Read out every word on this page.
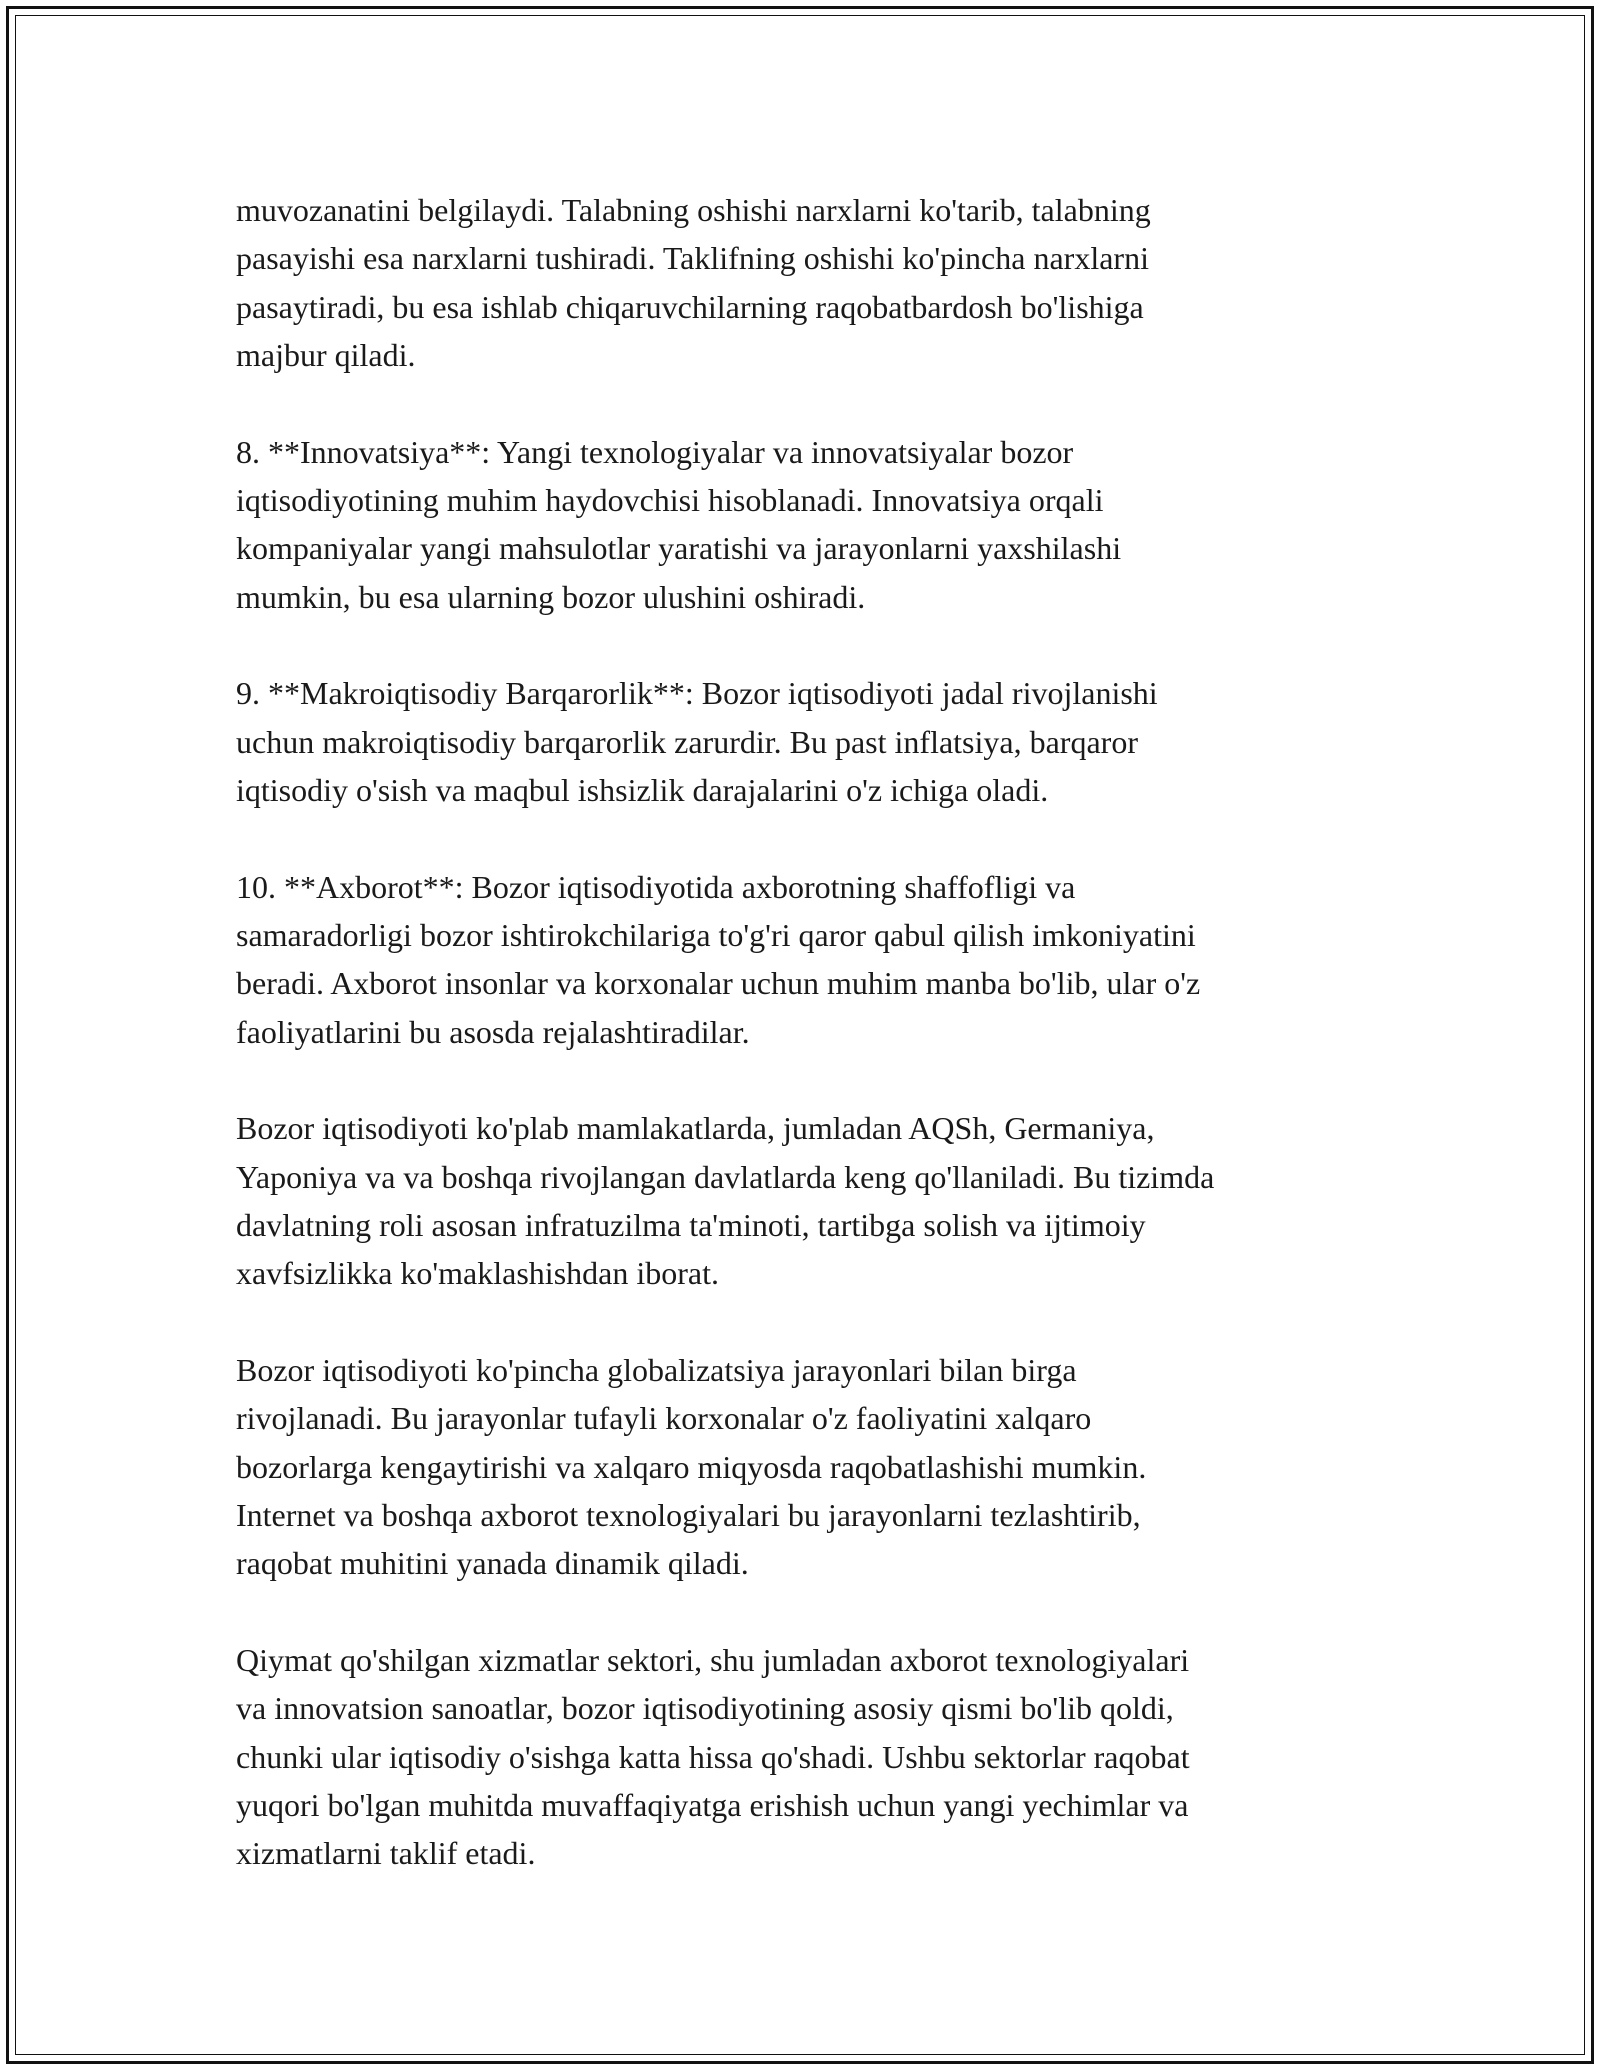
muvozanatini belgilaydi. Talabning oshishi narxlarni ko'tarib, talabning
pasayishi esa narxlarni tushiradi. Taklifning oshishi ko'pincha narxlarni
pasaytiradi, bu esa ishlab chiqaruvchilarning raqobatbardosh bo'lishiga
majbur qiladi.

8. **Innovatsiya**: Yangi texnologiyalar va innovatsiyalar bozor
iqtisodiyotining muhim haydovchisi hisoblanadi. Innovatsiya orqali
kompaniyalar yangi mahsulotlar yaratishi va jarayonlarni yaxshilashi
mumkin, bu esa ularning bozor ulushini oshiradi.

9. **Makroiqtisodiy Barqarorlik**: Bozor iqtisodiyoti jadal rivojlanishi
uchun makroiqtisodiy barqarorlik zarurdir. Bu past inflatsiya, barqaror
iqtisodiy o'sish va maqbul ishsizlik darajalarini o'z ichiga oladi.

10. **Axborot**: Bozor iqtisodiyotida axborotning shaffofligi va
samaradorligi bozor ishtirokchilariga to'g'ri qaror qabul qilish imkoniyatini
beradi. Axborot insonlar va korxonalar uchun muhim manba bo'lib, ular o'z
faoliyatlarini bu asosda rejalashtiradilar.

Bozor iqtisodiyoti ko'plab mamlakatlarda, jumladan AQSh, Germaniya,
Yaponiya va va boshqa rivojlangan davlatlarda keng qo'llaniladi. Bu tizimda
davlatning roli asosan infratuzilma ta'minoti, tartibga solish va ijtimoiy
xavfsizlikka ko'maklashishdan iborat.

Bozor iqtisodiyoti ko'pincha globalizatsiya jarayonlari bilan birga
rivojlanadi. Bu jarayonlar tufayli korxonalar o'z faoliyatini xalqaro
bozorlarga kengaytirishi va xalqaro miqyosda raqobatlashishi mumkin.
Internet va boshqa axborot texnologiyalari bu jarayonlarni tezlashtirib,
raqobat muhitini yanada dinamik qiladi.

Qiymat qo'shilgan xizmatlar sektori, shu jumladan axborot texnologiyalari
va innovatsion sanoatlar, bozor iqtisodiyotining asosiy qismi bo'lib qoldi,
chunki ular iqtisodiy o'sishga katta hissa qo'shadi. Ushbu sektorlar raqobat
yuqori bo'lgan muhitda muvaffaqiyatga erishish uchun yangi yechimlar va
xizmatlarni taklif etadi.
